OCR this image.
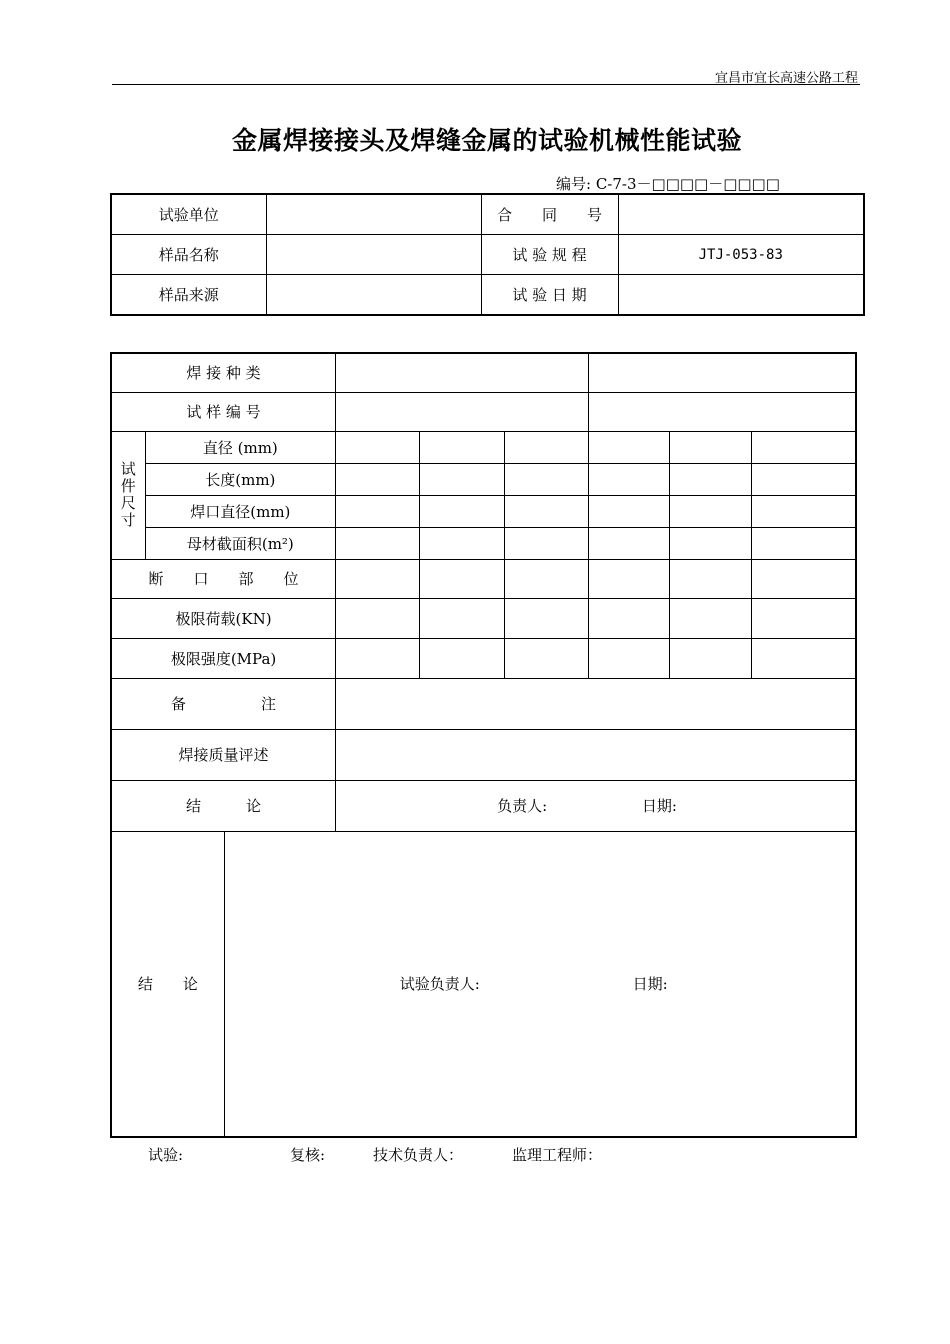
宜昌市宜长高速公路工程
金属焊接接头及焊缝金属的试验机械性能试验
编号: C-7-3－□□□□－□□□□
试验单位		合　　同　　号	
样品名称		试 验 规 程	JTJ-053-83
样品来源		试 验 日 期	
焊 接 种 类								
试 样 编 号								

试件尺寸	直径 (mm)							
	长度(mm)							
	焊口直径(mm)							
	母材截面积(m²)							
断　　口　　部　　位								
极限荷载(KN)								
极限强度(MPa)								
备　　　　　注								
焊接质量评述								
结　　　论			负责人: 日期:					
结　　论		试验负责人: 日期:						
试验:	复核:	技术负责人：	监理工程师：
